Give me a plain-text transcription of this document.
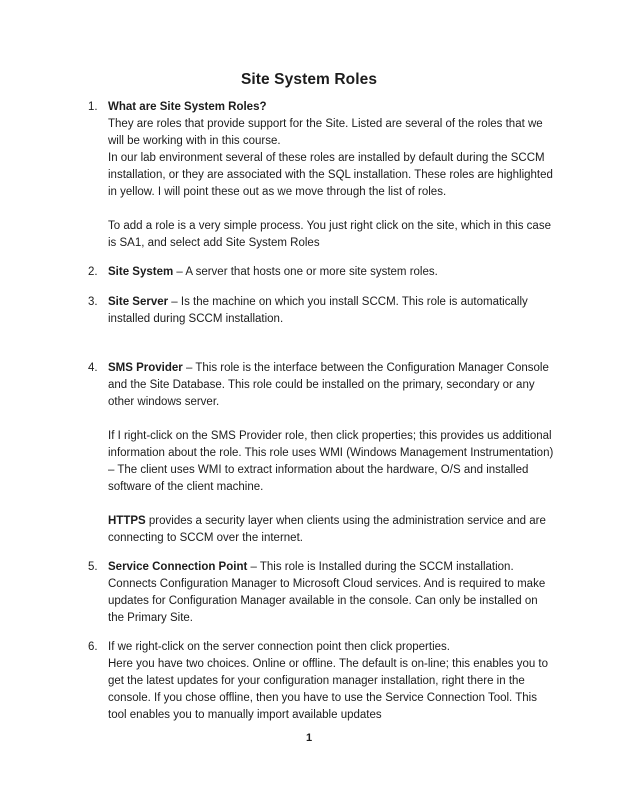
Site System Roles
1. What are Site System Roles?

They are roles that provide support for the Site. Listed are several of the roles that we will be working with in this course.

In our lab environment several of these roles are installed by default during the SCCM installation, or they are associated with the SQL installation. These roles are highlighted in yellow. I will point these out as we move through the list of roles.

To add a role is a very simple process. You just right click on the site, which in this case is SA1, and select add Site System Roles

2. Site System – A server that hosts one or more site system roles.

3. Site Server – Is the machine on which you install SCCM. This role is automatically installed during SCCM installation.

4. SMS Provider – This role is the interface between the Configuration Manager Console and the Site Database. This role could be installed on the primary, secondary or any other windows server.

If I right-click on the SMS Provider role, then click properties; this provides us additional information about the role. This role uses WMI (Windows Management Instrumentation) – The client uses WMI to extract information about the hardware, O/S and installed software of the client machine.

HTTPS provides a security layer when clients using the administration service and are connecting to SCCM over the internet.

5. Service Connection Point – This role is Installed during the SCCM installation. Connects Configuration Manager to Microsoft Cloud services. And is required to make updates for Configuration Manager available in the console. Can only be installed on the Primary Site.

6. If we right-click on the server connection point then click properties.

Here you have two choices. Online or offline. The default is on-line; this enables you to get the latest updates for your configuration manager installation, right there in the console. If you chose offline, then you have to use the Service Connection Tool. This tool enables you to manually import available updates

1
